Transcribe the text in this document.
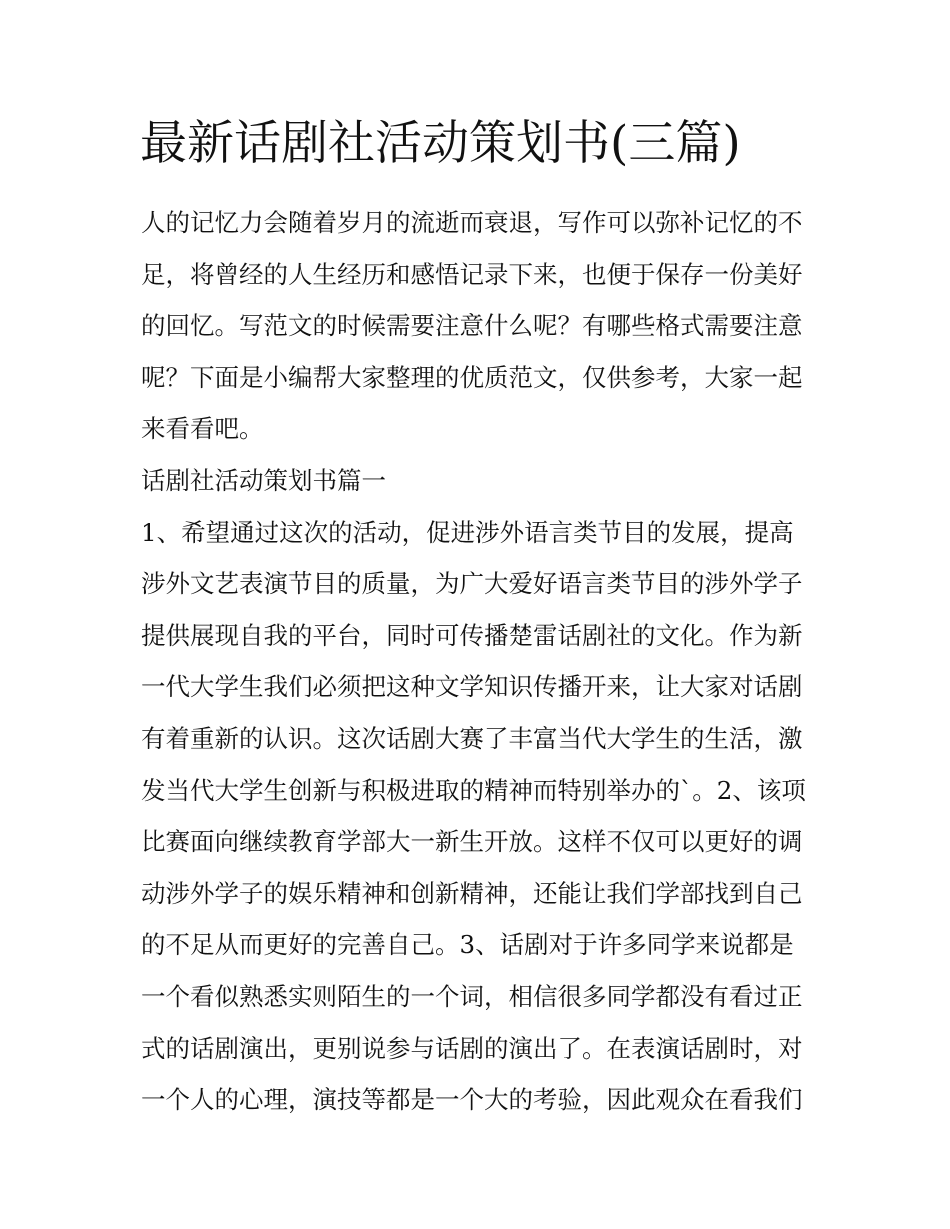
最新话剧社活动策划书(三篇)
人的记忆力会随着岁月的流逝而衰退，写作可以弥补记忆的不
足，将曾经的人生经历和感悟记录下来，也便于保存一份美好
的回忆。写范文的时候需要注意什么呢？有哪些格式需要注意
呢？下面是小编帮大家整理的优质范文，仅供参考，大家一起
来看看吧。
话剧社活动策划书篇一
1、希望通过这次的活动，促进涉外语言类节目的发展，提高
涉外文艺表演节目的质量，为广大爱好语言类节目的涉外学子
提供展现自我的平台，同时可传播楚雷话剧社的文化。作为新
一代大学生我们必须把这种文学知识传播开来，让大家对话剧
有着重新的认识。这次话剧大赛了丰富当代大学生的生活，激
发当代大学生创新与积极进取的精神而特别举办的`。2、该项
比赛面向继续教育学部大一新生开放。这样不仅可以更好的调
动涉外学子的娱乐精神和创新精神，还能让我们学部找到自己
的不足从而更好的完善自己。3、话剧对于许多同学来说都是
一个看似熟悉实则陌生的一个词，相信很多同学都没有看过正
式的话剧演出，更别说参与话剧的演出了。在表演话剧时，对
一个人的心理，演技等都是一个大的考验，因此观众在看我们
